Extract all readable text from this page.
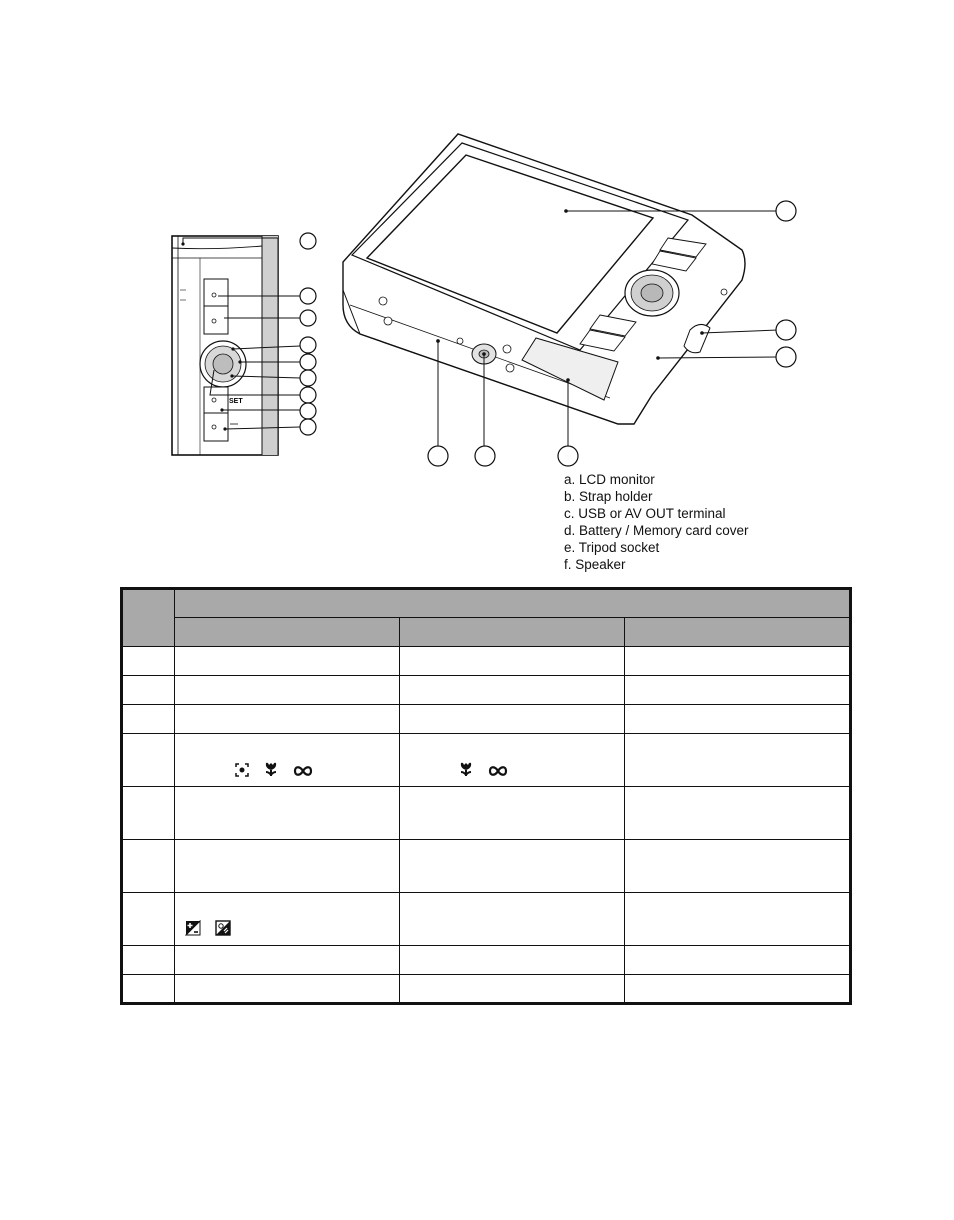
SET
a. LCD monitor
b. Strap holder
c. USB or AV OUT terminal
d. Battery / Memory card cover
e. Tripod socket
f. Speaker
